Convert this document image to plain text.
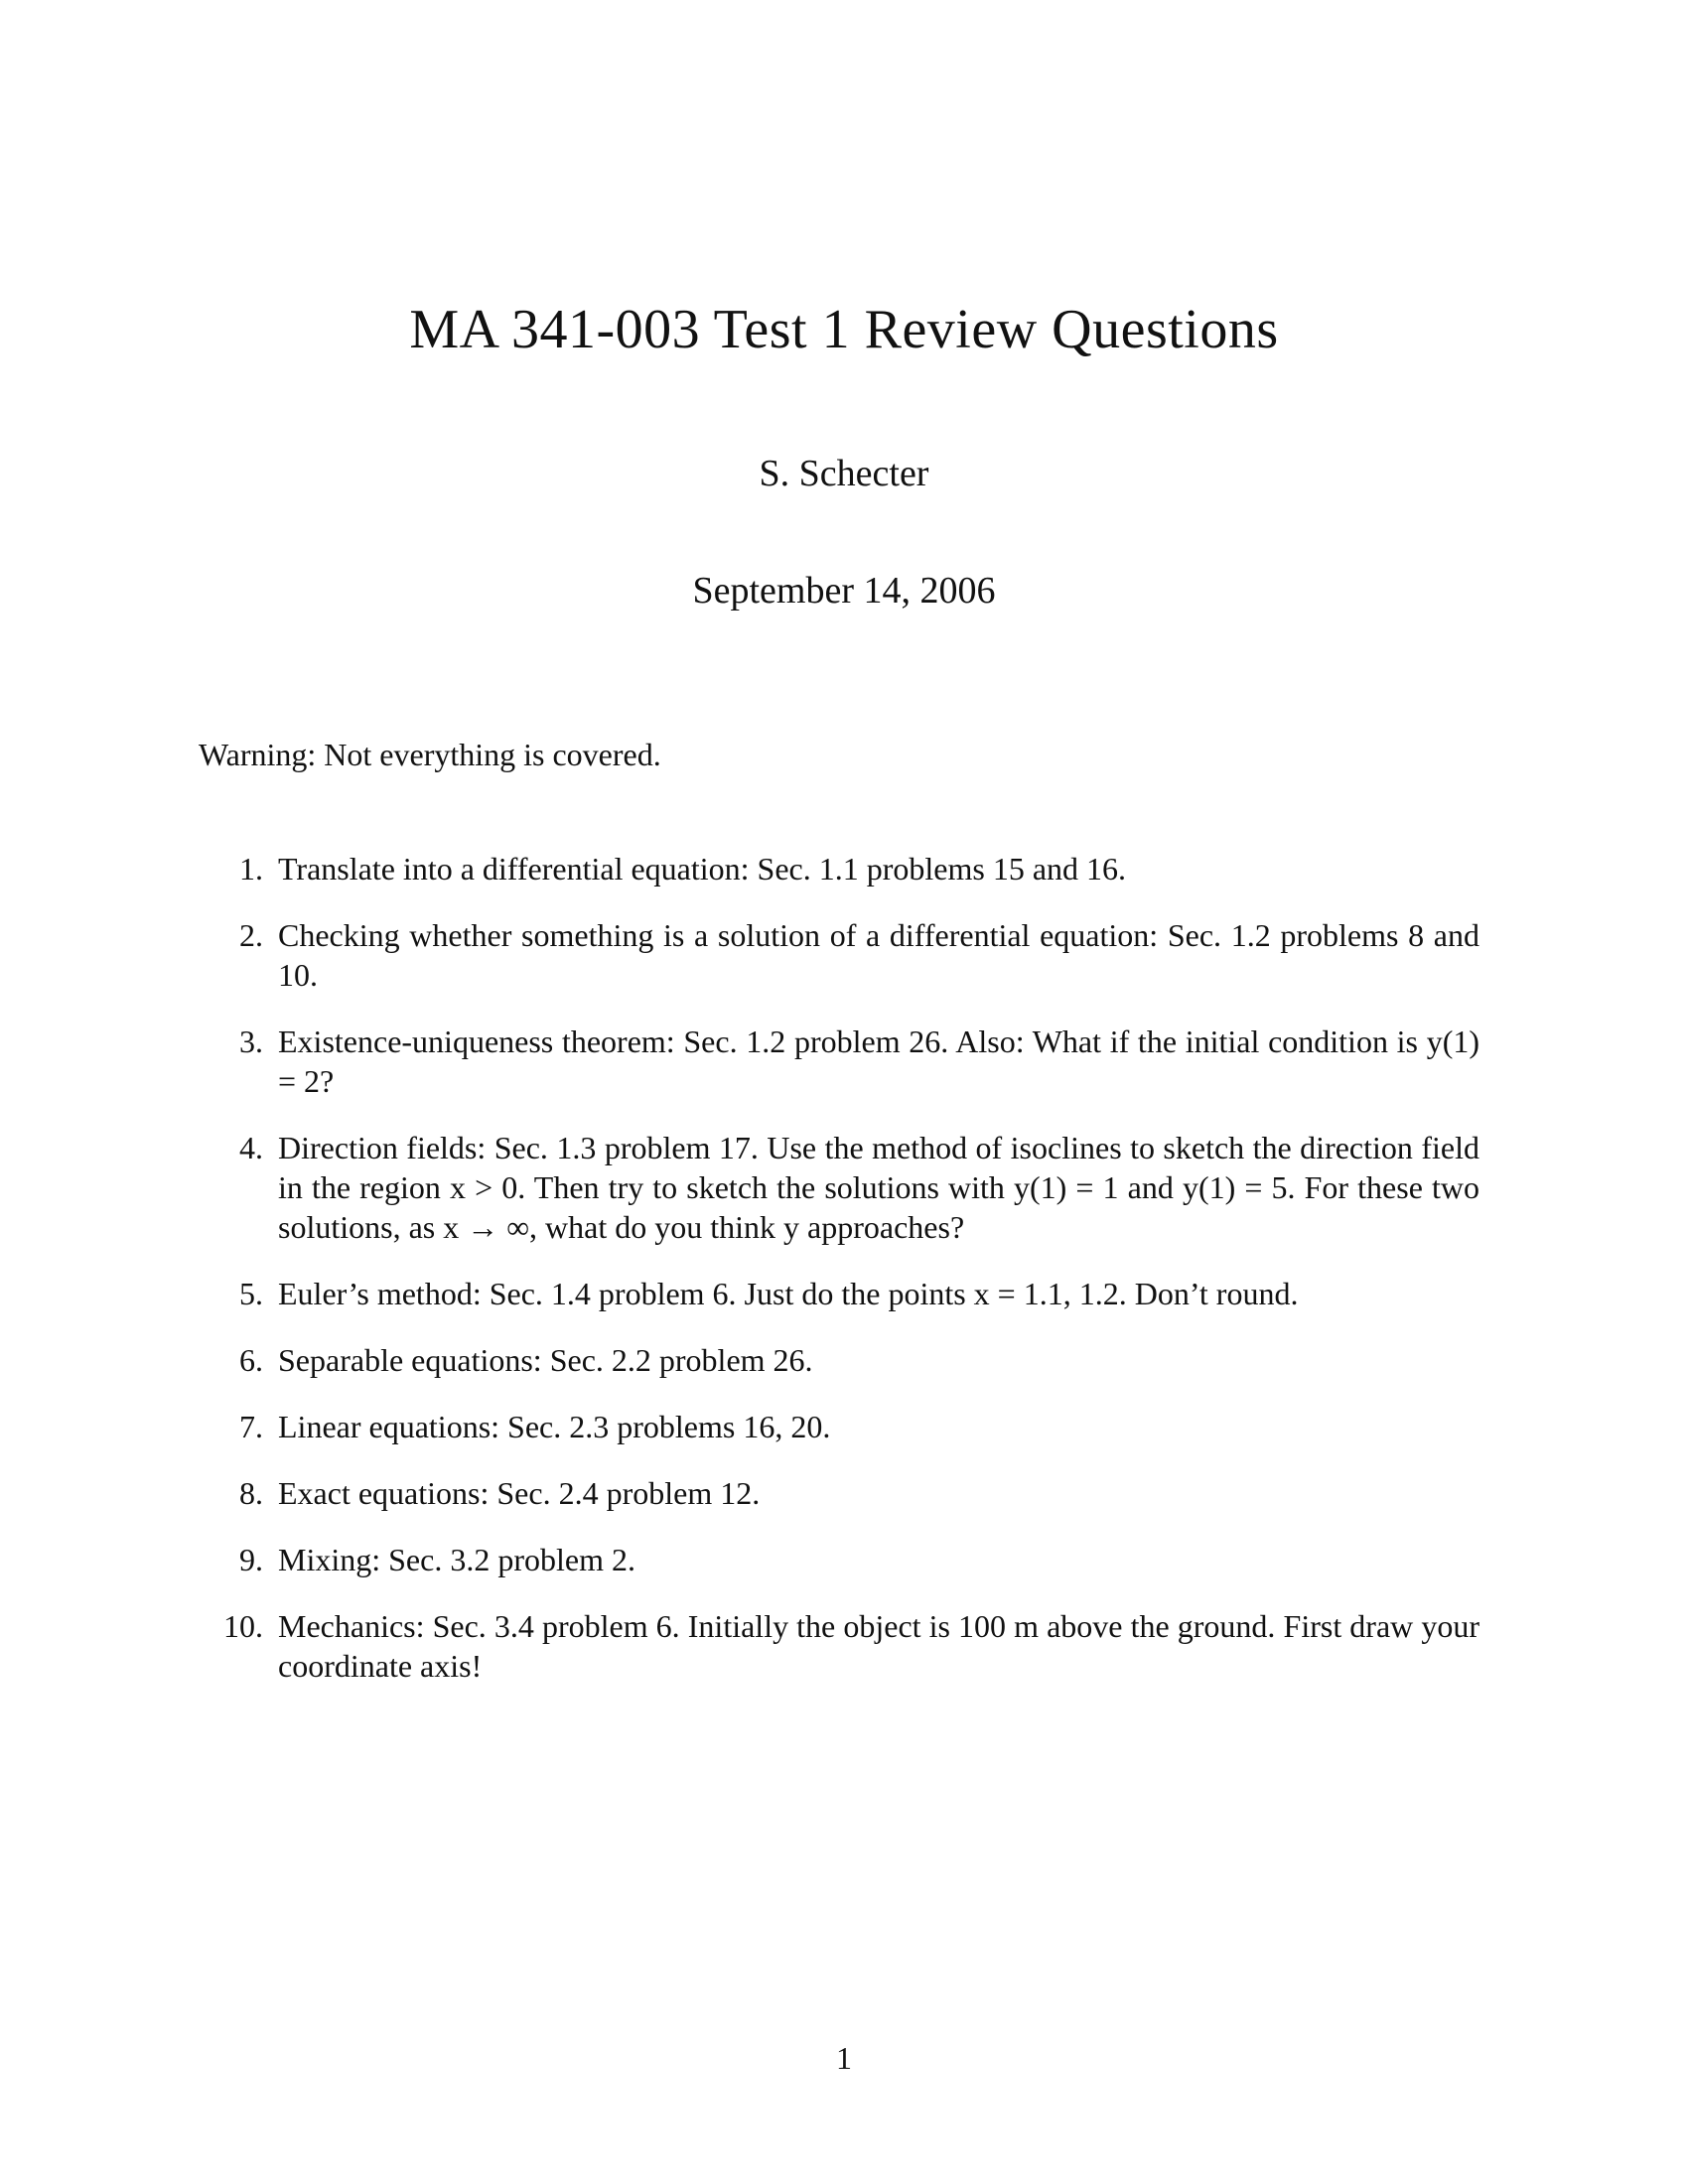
MA 341-003 Test 1 Review Questions
S. Schecter
September 14, 2006
Warning: Not everything is covered.
1. Translate into a differential equation: Sec. 1.1 problems 15 and 16.
2. Checking whether something is a solution of a differential equation: Sec. 1.2 problems 8 and 10.
3. Existence-uniqueness theorem: Sec. 1.2 problem 26. Also: What if the initial condition is y(1) = 2?
4. Direction fields: Sec. 1.3 problem 17. Use the method of isoclines to sketch the direction field in the region x > 0. Then try to sketch the solutions with y(1) = 1 and y(1) = 5. For these two solutions, as x → ∞, what do you think y approaches?
5. Euler’s method: Sec. 1.4 problem 6. Just do the points x = 1.1, 1.2. Don’t round.
6. Separable equations: Sec. 2.2 problem 26.
7. Linear equations: Sec. 2.3 problems 16, 20.
8. Exact equations: Sec. 2.4 problem 12.
9. Mixing: Sec. 3.2 problem 2.
10. Mechanics: Sec. 3.4 problem 6. Initially the object is 100 m above the ground. First draw your coordinate axis!
1
